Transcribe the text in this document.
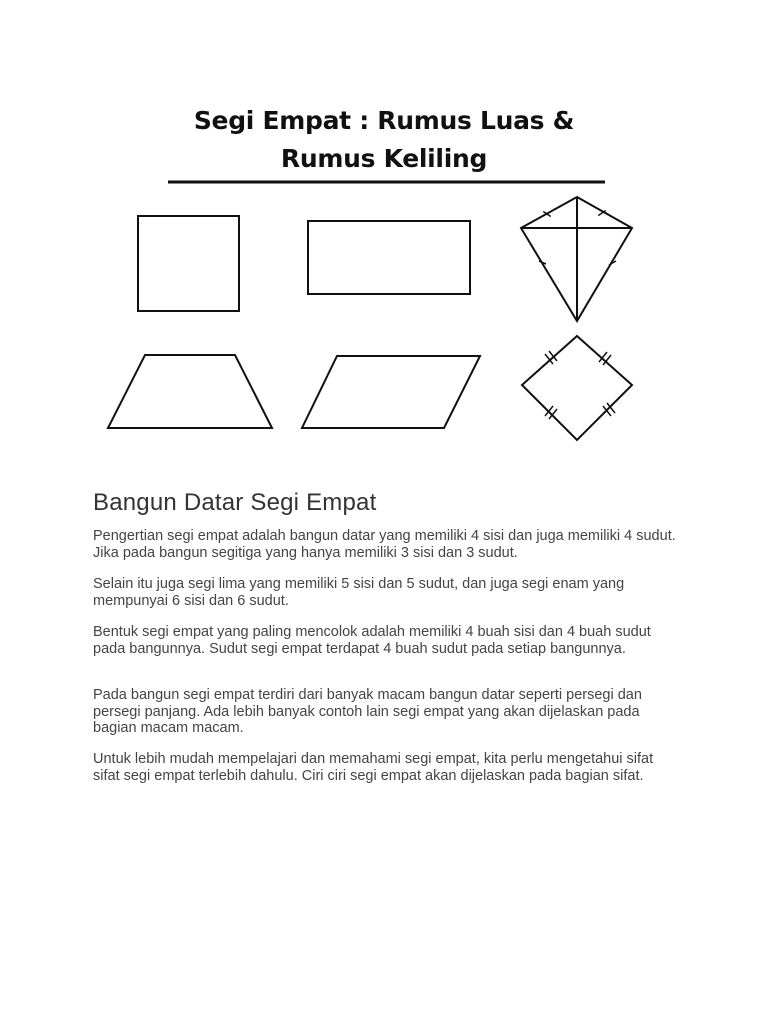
Segi Empat : Rumus Luas &
Rumus Keliling
Bangun Datar Segi Empat

Pengertian segi empat adalah bangun datar yang memiliki 4 sisi dan juga memiliki 4 sudut. Jika pada bangun segitiga yang hanya memiliki 3 sisi dan 3 sudut.

Selain itu juga segi lima yang memiliki 5 sisi dan 5 sudut, dan juga segi enam yang mempunyai 6 sisi dan 6 sudut.

Bentuk segi empat yang paling mencolok adalah memiliki 4 buah sisi dan 4 buah sudut pada bangunnya. Sudut segi empat terdapat 4 buah sudut pada setiap bangunnya.

Pada bangun segi empat terdiri dari banyak macam bangun datar seperti persegi dan persegi panjang. Ada lebih banyak contoh lain segi empat yang akan dijelaskan pada bagian macam macam.

Untuk lebih mudah mempelajari dan memahami segi empat, kita perlu mengetahui sifat sifat segi empat terlebih dahulu. Ciri ciri segi empat akan dijelaskan pada bagian sifat.
